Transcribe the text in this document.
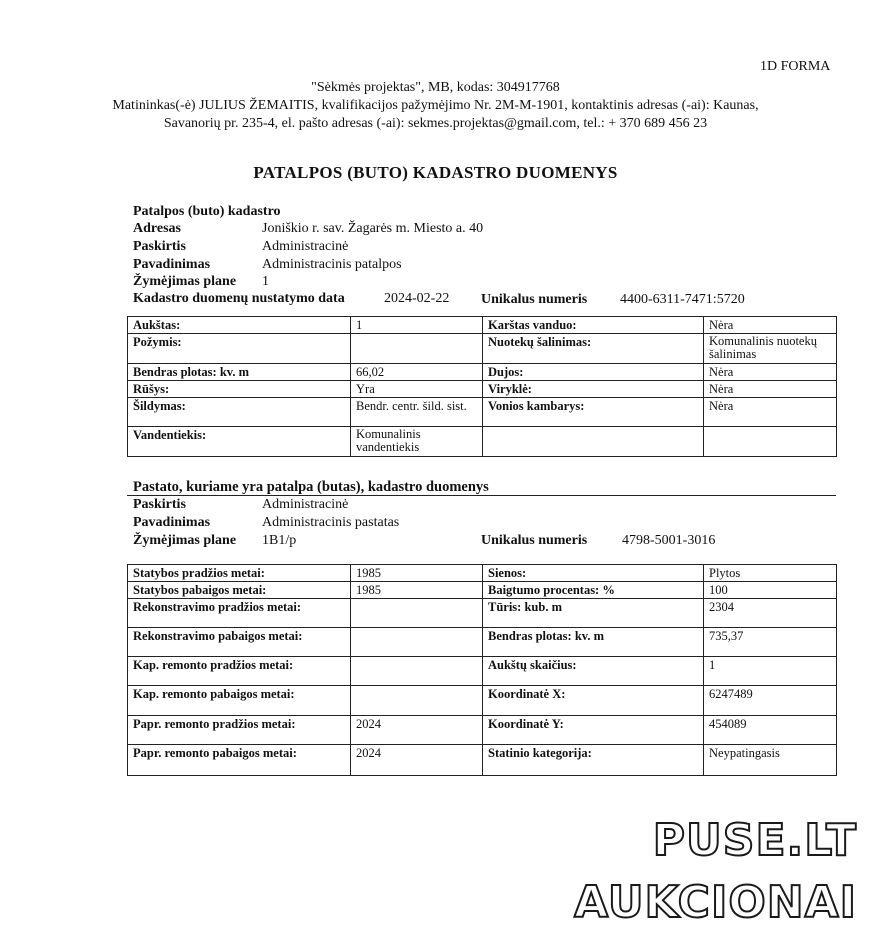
1D FORMA
"Sėkmės projektas", MB, kodas: 304917768
Matininkas(-ė) JULIUS ŽEMAITIS, kvalifikacijos pažymėjimo Nr. 2M-M-1901, kontaktinis adresas (-ai): Kaunas,
Savanorių pr. 235-4, el. pašto adresas (-ai): sekmes.projektas@gmail.com, tel.: + 370 689 456 23
PATALPOS (BUTO) KADASTRO DUOMENYS
Patalpos (buto) kadastro
Adresas	Joniškio r. sav. Žagarės m. Miesto a. 40
Paskirtis	Administracinė
Pavadinimas	Administracinis patalpos
Žymėjimas plane 1
Kadastro duomenų nustatymo data	2024-02-22 Unikalus numeris 4400-6311-7471:5720
Aukštas:	1	Karštas vanduo:	Nėra
Požymis:		Nuotekų šalinimas:	Komunalinis nuotekų šalinimas
Bendras plotas: kv. m	66,02	Dujos:	Nėra
Rūšys:	Yra	Viryklė:	Nėra
Šildymas:	Bendr. centr. šild. sist.	Vonios kambarys:	Nėra
Vandentiekis:	Komunalinis vandentiekis		
Pastato, kuriame yra patalpa (butas), kadastro duomenys
Paskirtis	Administracinė
Pavadinimas	Administracinis pastatas
Žymėjimas plane 1B1/p	Unikalus numeris 4798-5001-3016
Statybos pradžios metai:	1985	Sienos:	Plytos
Statybos pabaigos metai:	1985	Baigtumo procentas: %	100
Rekonstravimo pradžios metai:		Tūris: kub. m	2304
Rekonstravimo pabaigos metai:		Bendras plotas: kv. m	735,37
Kap. remonto pradžios metai:		Aukštų skaičius:	1
Kap. remonto pabaigos metai:		Koordinatė X:	6247489
Papr. remonto pradžios metai:	2024	Koordinatė Y:	454089
Papr. remonto pabaigos metai:	2024	Statinio kategorija:	Neypatingasis
PUSE.LT
AUKCIONAI
